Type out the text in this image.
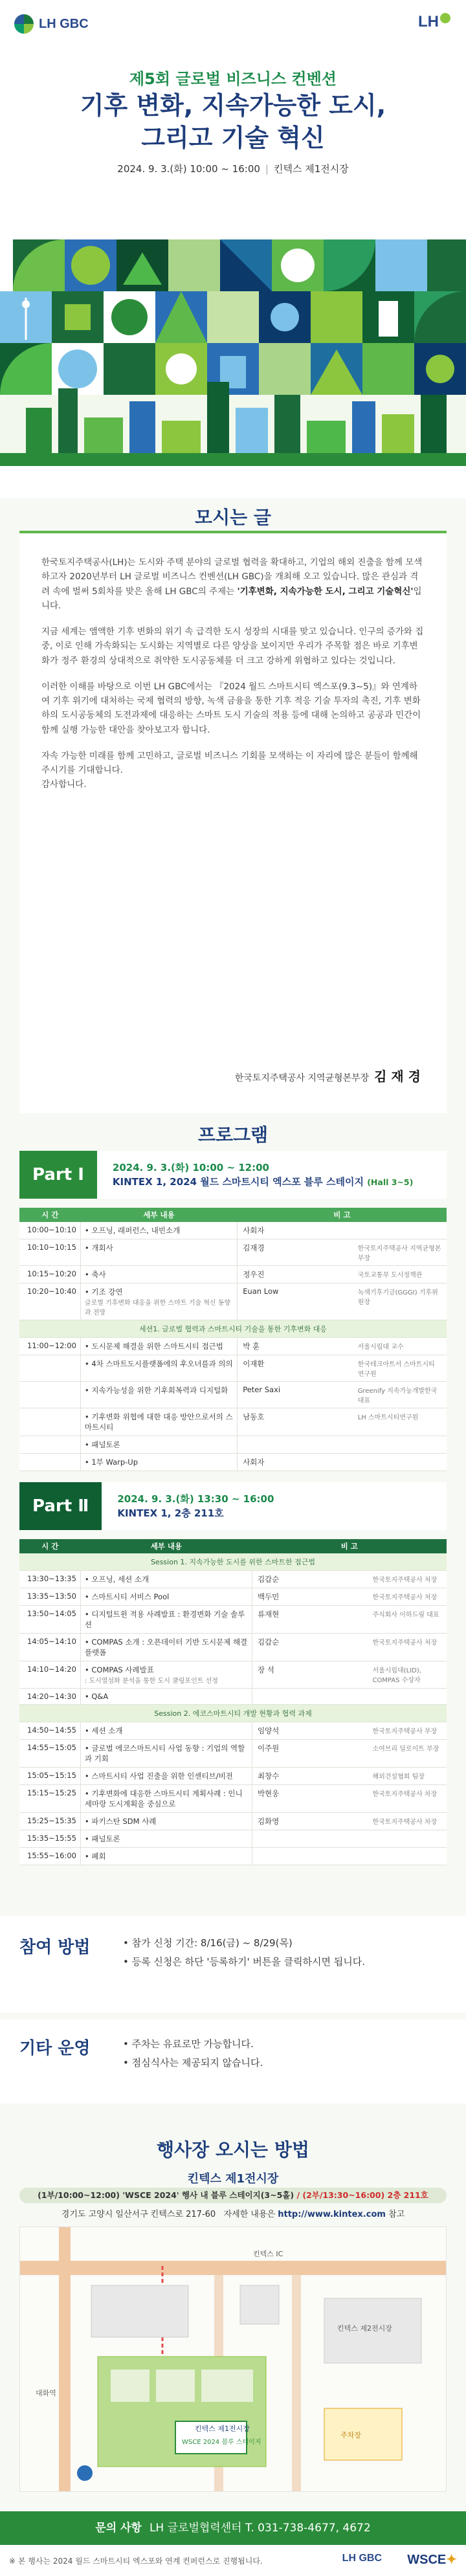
LH GBC	LH
제5회 글로벌 비즈니스 컨벤션
기후 변화, 지속가능한 도시,
그리고 기술 혁신
2024. 9. 3.(화) 10:00 ~ 16:00 | 킨텍스 제1전시장
모시는 글

한국토지주택공사(LH)는 도시와 주택 분야의 글로벌 협력을 확대하고, 기업의 해외 진출을 함께 모색하고자 2020년부터 LH 글로벌 비즈니스 컨벤션(LH GBC)을 개최해 오고 있습니다. 많은 관심과 격려 속에 벌써 5회차를 맞은 올해 LH GBC의 주제는 '기후변화, 지속가능한 도시, 그리고 기술혁신'입니다.

지금 세계는 앰액한 기후 변화의 위기 속 급격한 도시 성장의 시대를 맞고 있습니다. 인구의 증가와 집중, 이로 인해 가속화되는 도시화는 지역별로 다른 양상을 보이지만 우리가 주목할 점은 바로 기후변화가 정주 환경의 상대적으로 취약한 도시공동체를 더 크고 강하게 위협하고 있다는 것입니다.

이러한 이해를 바탕으로 이번 LH GBC에서는 『2024 월드 스마트시티 엑스포(9.3~5)』와 연계하여 기후 위기에 대처하는 국제 협력의 방향, 녹색 금융을 통한 기후 적응 기술 투자의 촉진, 기후 변화 하의 도시공동체의 도전과제에 대응하는 스마트 도시 기술의 적용 등에 대해 논의하고 공공과 민간이 함께 실행 가능한 대안을 찾아보고자 합니다.

자속 가능한 미래를 함께 고민하고, 글로벌 비즈니스 기회를 모색하는 이 자리에 많은 분들이 함께해주시기를 기대합니다.
감사합니다.

한국토지주택공사 지역균형본부장 김 재 경
프로그램
Part Ⅰ	2024. 9. 3.(화) 10:00 ~ 12:00
KINTEX 1, 2024 월드 스마트시티 엑스포 블루 스테이지 (Hall 3~5)
시 간	세부 내용	비 고	
10:00~10:10	• 오프닝, 래퍼런스, 내빈소개	사회자	
10:10~10:15	• 개회사	김재경	한국토지주택공사 지역균형본부장
10:15~10:20	• 축사	정우진	국토교통부 도시정책관
10:20~10:40	• 기조 강연
글로벌 기후변화 대응을 위한 스마트 기술 혁신 동향과 전망	Euan Low	녹색기후기금(GGGI) 기후위원장
세션1. 글로벌 협력과 스마트시티 기술을 통한 기후변화 대응			
11:00~12:00	• 도시문제 해결을 위한 스마트시티 접근법	박 훈	서울시립대 교수

	• 4차 스마트도시플랫폼에의 후오녀를과 의의	이재환	한국테크아트서 스마트시티 연구원

	• 지속가능성을 위한 기후회복력과 디지털화	Peter Saxi	Greenify 지속가능개발한국 대표

	• 기후변화 위협에 대한 대응 방안으로서의 스마트시티	남동호	LH 스마트시티연구원

	• 패널토론		

	• 1부 Warp-Up	사회자	
Part Ⅱ	2024. 9. 3.(화) 13:30 ~ 16:00
KINTEX 1, 2층 211호
시 간	세부 내용	비 고	
Session 1. 지속가능한 도시를 위한 스마트한 접근법			
13:30~13:35	• 오프닝, 세션 소개	김갑순	한국토지주택공사 처장
13:35~13:50	• 스마트시티 서비스 Pool	백두민	한국토지주택공사 처장
13:50~14:05	• 디지털트윈 적용 사례발표 : 환경변화 기술 솔루션	류재현	주식회사 이하드림 대표
14:05~14:10	• COMPAS 소개 : 오픈데이터 기반 도시문제 해결 플랫폼	김갑순	한국토지주택공사 처장
14:10~14:20	• COMPAS 사례발표
: 도시열섬화 분석을 통한 도시 쿨링포인트 선정	장 석	서울시립대(LID), COMPAS 수상자
14:20~14:30	• Q&A		

Session 2. 에코스마트시티 개발 현황과 협력 과제			
14:50~14:55	• 세션 소개	임양석	한국토지주택공사 부장
14:55~15:05	• 글로벌 에코스마트시티 사업 동향 : 기업의 역할과 기회	이주원	소여브리 딜로이트 부장
15:05~15:15	• 스마트시티 사업 진출을 위한 인센티브/비전	최창수	해외건설협회 팀장
15:15~15:25	• 기후변화에 대응한 스마트시티 계획사례 : 인니 세마랑 도시계획을 중심으로	박현웅	한국토지주택공사 차장
15:25~15:35	• 파키스탄 SDM 사례	김화영	한국토지주택공사 차장
15:35~15:55	• 패널토론		

15:55~16:00	• 폐회		

참여 방법	• 참가 신청 기간: 8/16(금) ~ 8/29(목)
• 등록 신청은 하단 '등록하기' 버튼을 클릭하시면 됩니다.
기타 운영	• 주차는 유료로만 가능합니다.
• 점심식사는 제공되지 않습니다.
행사장 오시는 방법
킨텍스 제1전시장
(1부/10:00~12:00) 'WSCE 2024' 행사 내 블루 스테이지(3~5홀) / (2부/13:30~16:00) 2층 211호
경기도 고양시 일산서구 킨텍스로 217-60 자세한 내용은 http://www.kintex.com 참고
킨텍스 제1전시장
WSCE 2024 블루 스테이지
킨텍스 제2전시장
대화역
킨텍스 IC
주차장
문의 사항 LH 글로벌협력센터 T. 031-738-4677, 4672
※ 본 행사는 2024 월드 스마트시티 엑스포와 연계 컨퍼런스로 진행됩니다.	LH GBC WSCE✦
